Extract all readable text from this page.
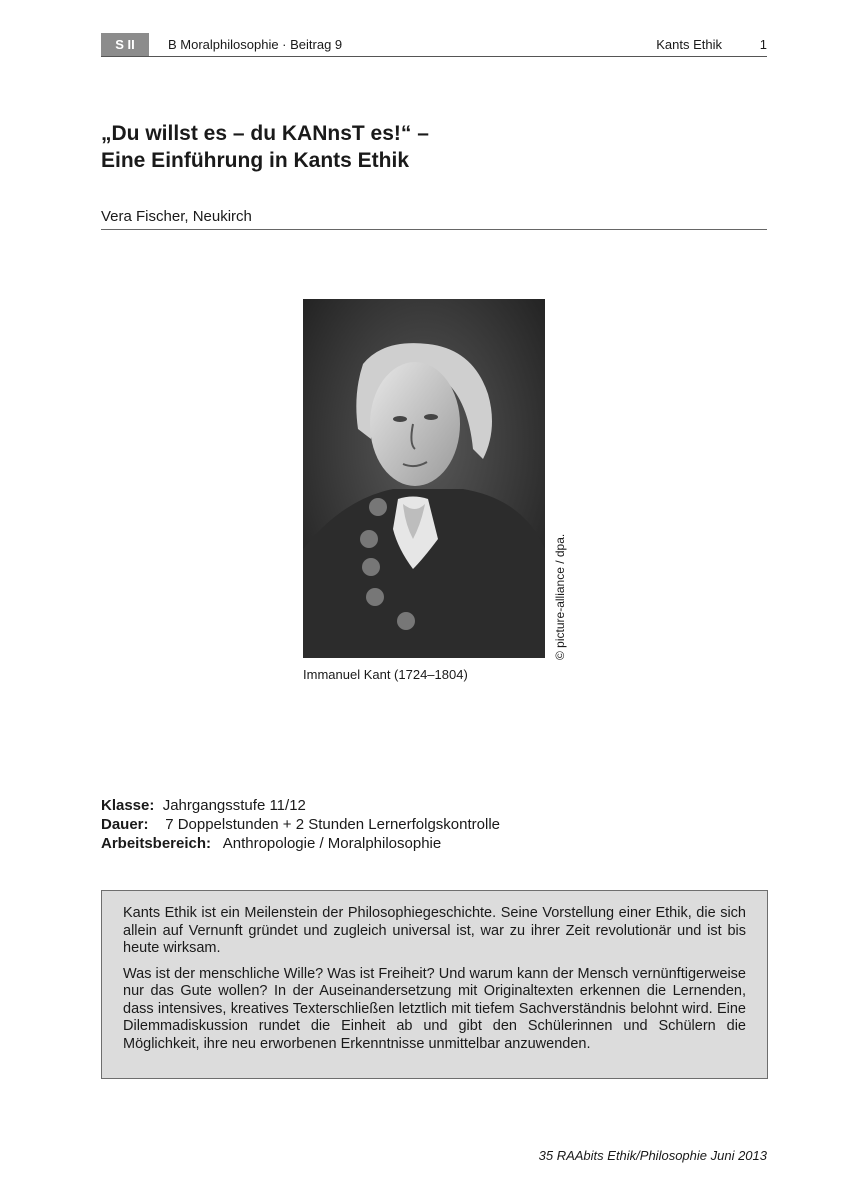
S II	B Moralphilosophie · Beitrag 9	Kants Ethik	1
„Du willst es – du KANnsT es!“ –
Eine Einführung in Kants Ethik
Vera Fischer, Neukirch
© picture-alliance / dpa.
Immanuel Kant (1724–1804)
Klasse: Jahrgangsstufe 11/12
Dauer: 7 Doppelstunden + 2 Stunden Lernerfolgskontrolle
Arbeitsbereich: Anthropologie / Moralphilosophie

Kants Ethik ist ein Meilenstein der Philosophiegeschichte. Seine Vorstellung einer Ethik, die sich allein auf Vernunft gründet und zugleich universal ist, war zu ihrer Zeit revolutionär und ist bis heute wirksam.

Was ist der menschliche Wille? Was ist Freiheit? Und warum kann der Mensch vernünftigerweise nur das Gute wollen? In der Auseinandersetzung mit Originaltexten erkennen die Lernenden, dass intensives, kreatives Texterschließen letztlich mit tiefem Sachverständnis belohnt wird. Eine Dilemmadiskussion rundet die Einheit ab und gibt den Schülerinnen und Schülern die Möglichkeit, ihre neu erworbenen Erkenntnisse unmittelbar anzuwenden.

35 RAAbits Ethik/Philosophie Juni 2013
